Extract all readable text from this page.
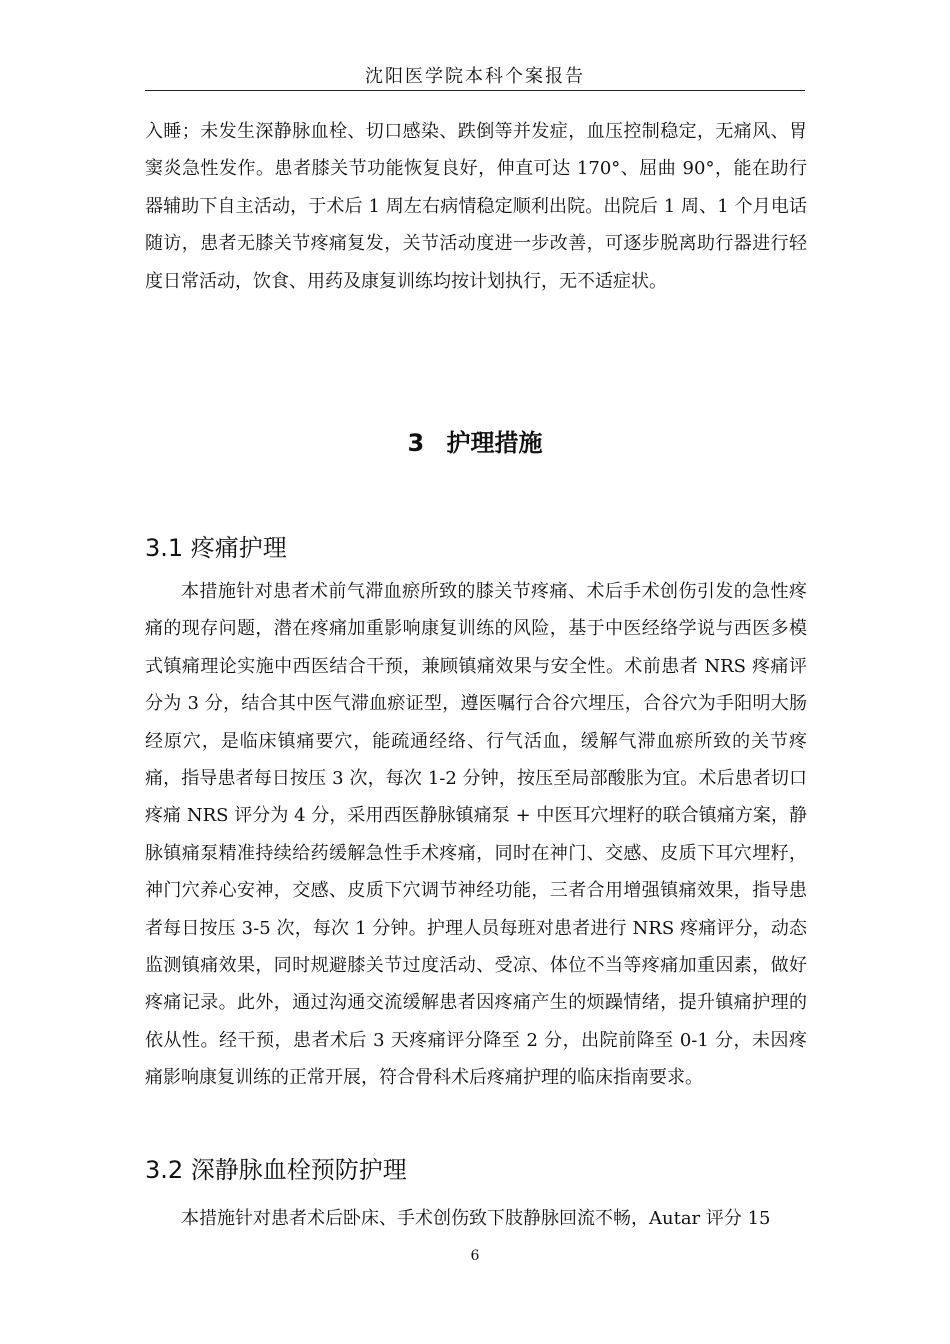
沈阳医学院本科个案报告

入睡；未发生深静脉血栓、切口感染、跌倒等并发症，血压控制稳定，无痛风、胃窦炎急性发作。患者膝关节功能恢复良好，伸直可达 170°、屈曲 90°，能在助行器辅助下自主活动，于术后 1 周左右病情稳定顺利出院。出院后 1 周、1 个月电话随访，患者无膝关节疼痛复发，关节活动度进一步改善，可逐步脱离助行器进行轻度日常活动，饮食、用药及康复训练均按计划执行，无不适症状。

3 护理措施
3.1 疼痛护理

本措施针对患者术前气滞血瘀所致的膝关节疼痛、术后手术创伤引发的急性疼痛的现存问题，潜在疼痛加重影响康复训练的风险，基于中医经络学说与西医多模式镇痛理论实施中西医结合干预，兼顾镇痛效果与安全性。术前患者 NRS 疼痛评分为 3 分，结合其中医气滞血瘀证型，遵医嘱行合谷穴埋压，合谷穴为手阳明大肠经原穴，是临床镇痛要穴，能疏通经络、行气活血，缓解气滞血瘀所致的关节疼痛，指导患者每日按压 3 次，每次 1-2 分钟，按压至局部酸胀为宜。术后患者切口疼痛 NRS 评分为 4 分，采用西医静脉镇痛泵 + 中医耳穴埋籽的联合镇痛方案，静脉镇痛泵精准持续给药缓解急性手术疼痛，同时在神门、交感、皮质下耳穴埋籽，神门穴养心安神，交感、皮质下穴调节神经功能，三者合用增强镇痛效果，指导患者每日按压 3-5 次，每次 1 分钟。护理人员每班对患者进行 NRS 疼痛评分，动态监测镇痛效果，同时规避膝关节过度活动、受凉、体位不当等疼痛加重因素，做好疼痛记录。此外，通过沟通交流缓解患者因疼痛产生的烦躁情绪，提升镇痛护理的依从性。经干预，患者术后 3 天疼痛评分降至 2 分，出院前降至 0-1 分，未因疼痛影响康复训练的正常开展，符合骨科术后疼痛护理的临床指南要求。

3.2 深静脉血栓预防护理

本措施针对患者术后卧床、手术创伤致下肢静脉回流不畅，Autar 评分 15

6
